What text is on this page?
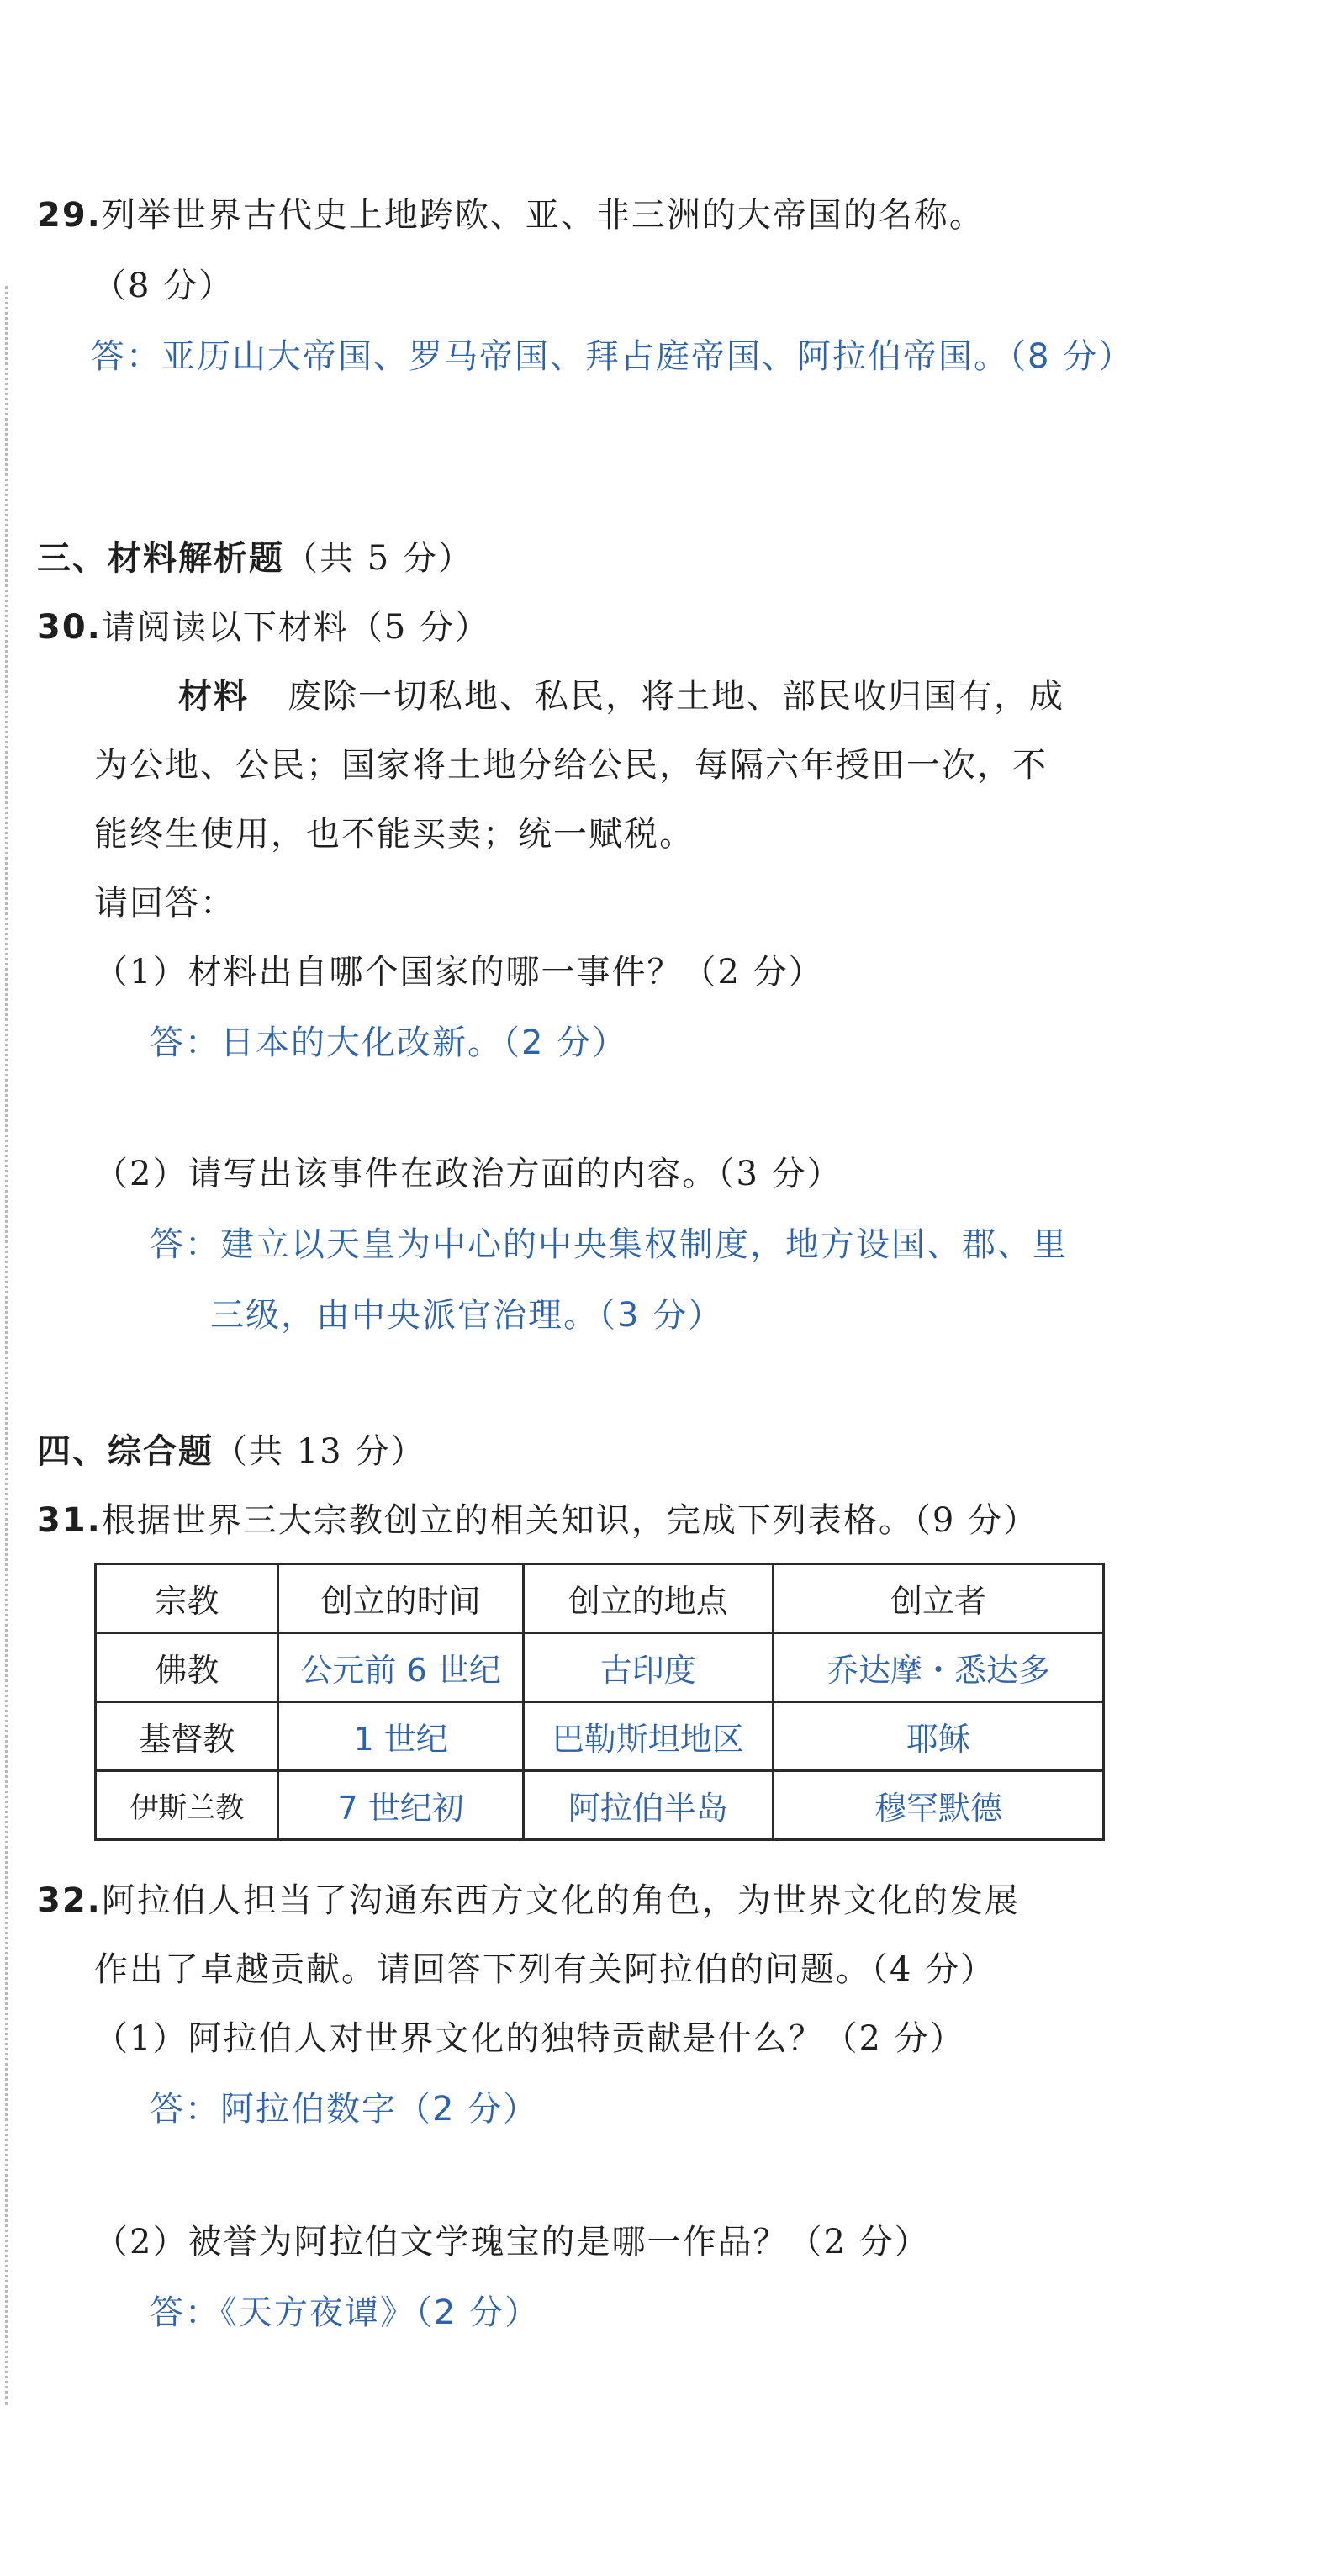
29.列举世界古代史上地跨欧、亚、非三洲的大帝国的名称。
（8 分）
答：亚历山大帝国、罗马帝国、拜占庭帝国、阿拉伯帝国。（8 分）
三、材料解析题（共 5 分）
30.请阅读以下材料（5 分）
材料 废除一切私地、私民，将土地、部民收归国有，成
为公地、公民；国家将土地分给公民，每隔六年授田一次，不
能终生使用，也不能买卖；统一赋税。
请回答：
（1）材料出自哪个国家的哪一事件？（2 分）
答：日本的大化改新。（2 分）
（2）请写出该事件在政治方面的内容。（3 分）
答：建立以天皇为中心的中央集权制度，地方设国、郡、里
三级，由中央派官治理。（3 分）
四、综合题（共 13 分）
31.根据世界三大宗教创立的相关知识，完成下列表格。（9 分）
宗教	创立的时间	创立的地点	创立者
佛教	公元前 6 世纪	古印度	乔达摩・悉达多
基督教	1 世纪	巴勒斯坦地区	耶稣
伊斯兰教	7 世纪初	阿拉伯半岛	穆罕默德
32.阿拉伯人担当了沟通东西方文化的角色，为世界文化的发展
作出了卓越贡献。请回答下列有关阿拉伯的问题。（4 分）
（1）阿拉伯人对世界文化的独特贡献是什么？（2 分）
答：阿拉伯数字（2 分）
（2）被誉为阿拉伯文学瑰宝的是哪一作品？（2 分）
答：《天方夜谭》（2 分）
